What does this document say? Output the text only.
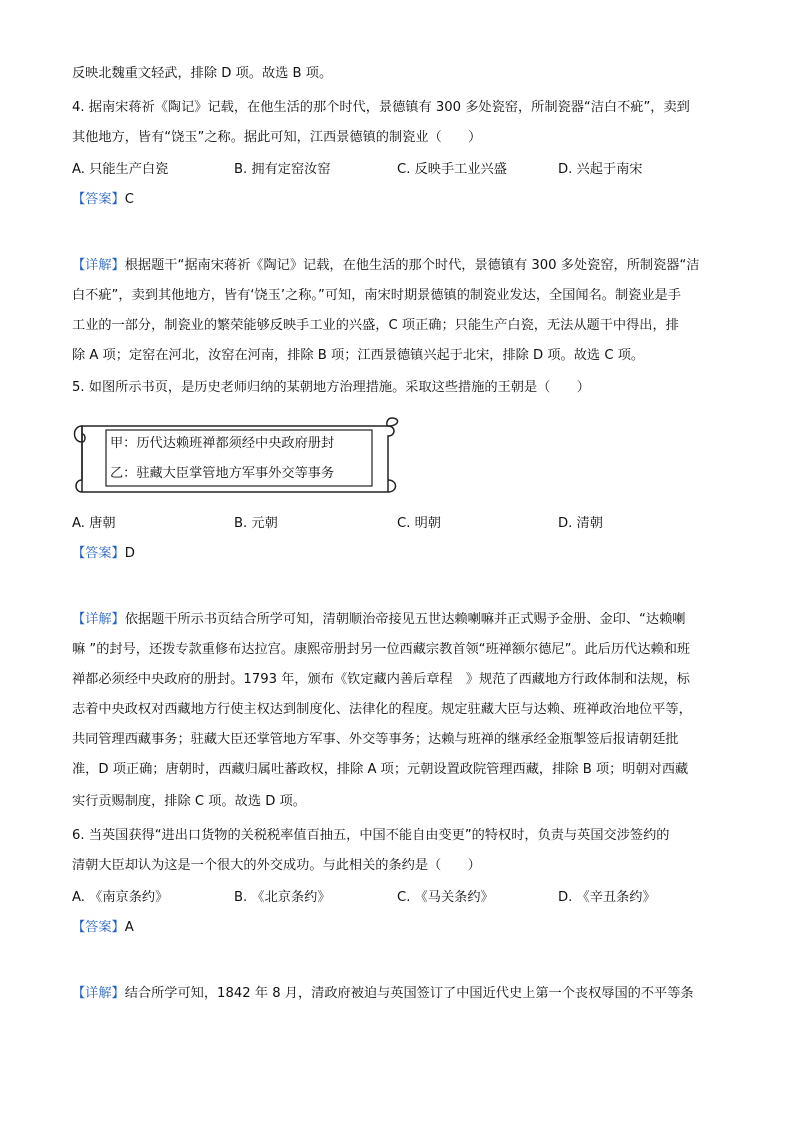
反映北魏重文轻武，排除 D 项。故选 B 项。
4. 据南宋蒋祈《陶记》记载，在他生活的那个时代，景德镇有 300 多处瓷窑，所制瓷器“洁白不疵”，卖到
其他地方，皆有“饶玉”之称。据此可知，江西景德镇的制瓷业（　　）
A. 只能生产白瓷	B. 拥有定窑汝窑	C. 反映手工业兴盛	D. 兴起于南宋
【答案】C
【详解】根据题干“据南宋蒋祈《陶记》记载，在他生活的那个时代，景德镇有 300 多处瓷窑，所制瓷器“洁
白不疵”，卖到其他地方，皆有‘饶玉’之称。”可知，南宋时期景德镇的制瓷业发达，全国闻名。制瓷业是手
工业的一部分，制瓷业的繁荣能够反映手工业的兴盛，C 项正确；只能生产白瓷，无法从题干中得出，排
除 A 项；定窑在河北，汝窑在河南，排除 B 项；江西景德镇兴起于北宋，排除 D 项。故选 C 项。
5. 如图所示书页，是历史老师归纳的某朝地方治理措施。采取这些措施的王朝是（　　）
甲：历代达赖班禅都须经中央政府册封
乙：驻藏大臣掌管地方军事外交等事务
A. 唐朝	B. 元朝	C. 明朝	D. 清朝
【答案】D
【详解】依据题干所示书页结合所学可知，清朝顺治帝接见五世达赖喇嘛并正式赐予金册、金印、“达赖喇
嘛 ”的封号，还拨专款重修布达拉宫。康熙帝册封另一位西藏宗教首领“班禅额尔德尼”。此后历代达赖和班
禅都必须经中央政府的册封。1793 年，颁布《钦定藏内善后章程　》规范了西藏地方行政体制和法规，标
志着中央政权对西藏地方行使主权达到制度化、法律化的程度。规定驻藏大臣与达赖、班禅政治地位平等，
共同管理西藏事务；驻藏大臣还掌管地方军事、外交等事务；达赖与班禅的继承经金瓶掣签后报请朝廷批
准，D 项正确；唐朝时，西藏归属吐蕃政权，排除 A 项；元朝设置政院管理西藏，排除 B 项；明朝对西藏
实行贡赐制度，排除 C 项。故选 D 项。
6. 当英国获得“进出口货物的关税税率值百抽五，中国不能自由变更”的特权时，负责与英国交涉签约的
清朝大臣却认为这是一个很大的外交成功。与此相关的条约是（　　）
A. 《南京条约》	B. 《北京条约》	C. 《马关条约》	D. 《辛丑条约》
【答案】A
【详解】结合所学可知，1842 年 8 月，清政府被迫与英国签订了中国近代史上第一个丧权辱国的不平等条
